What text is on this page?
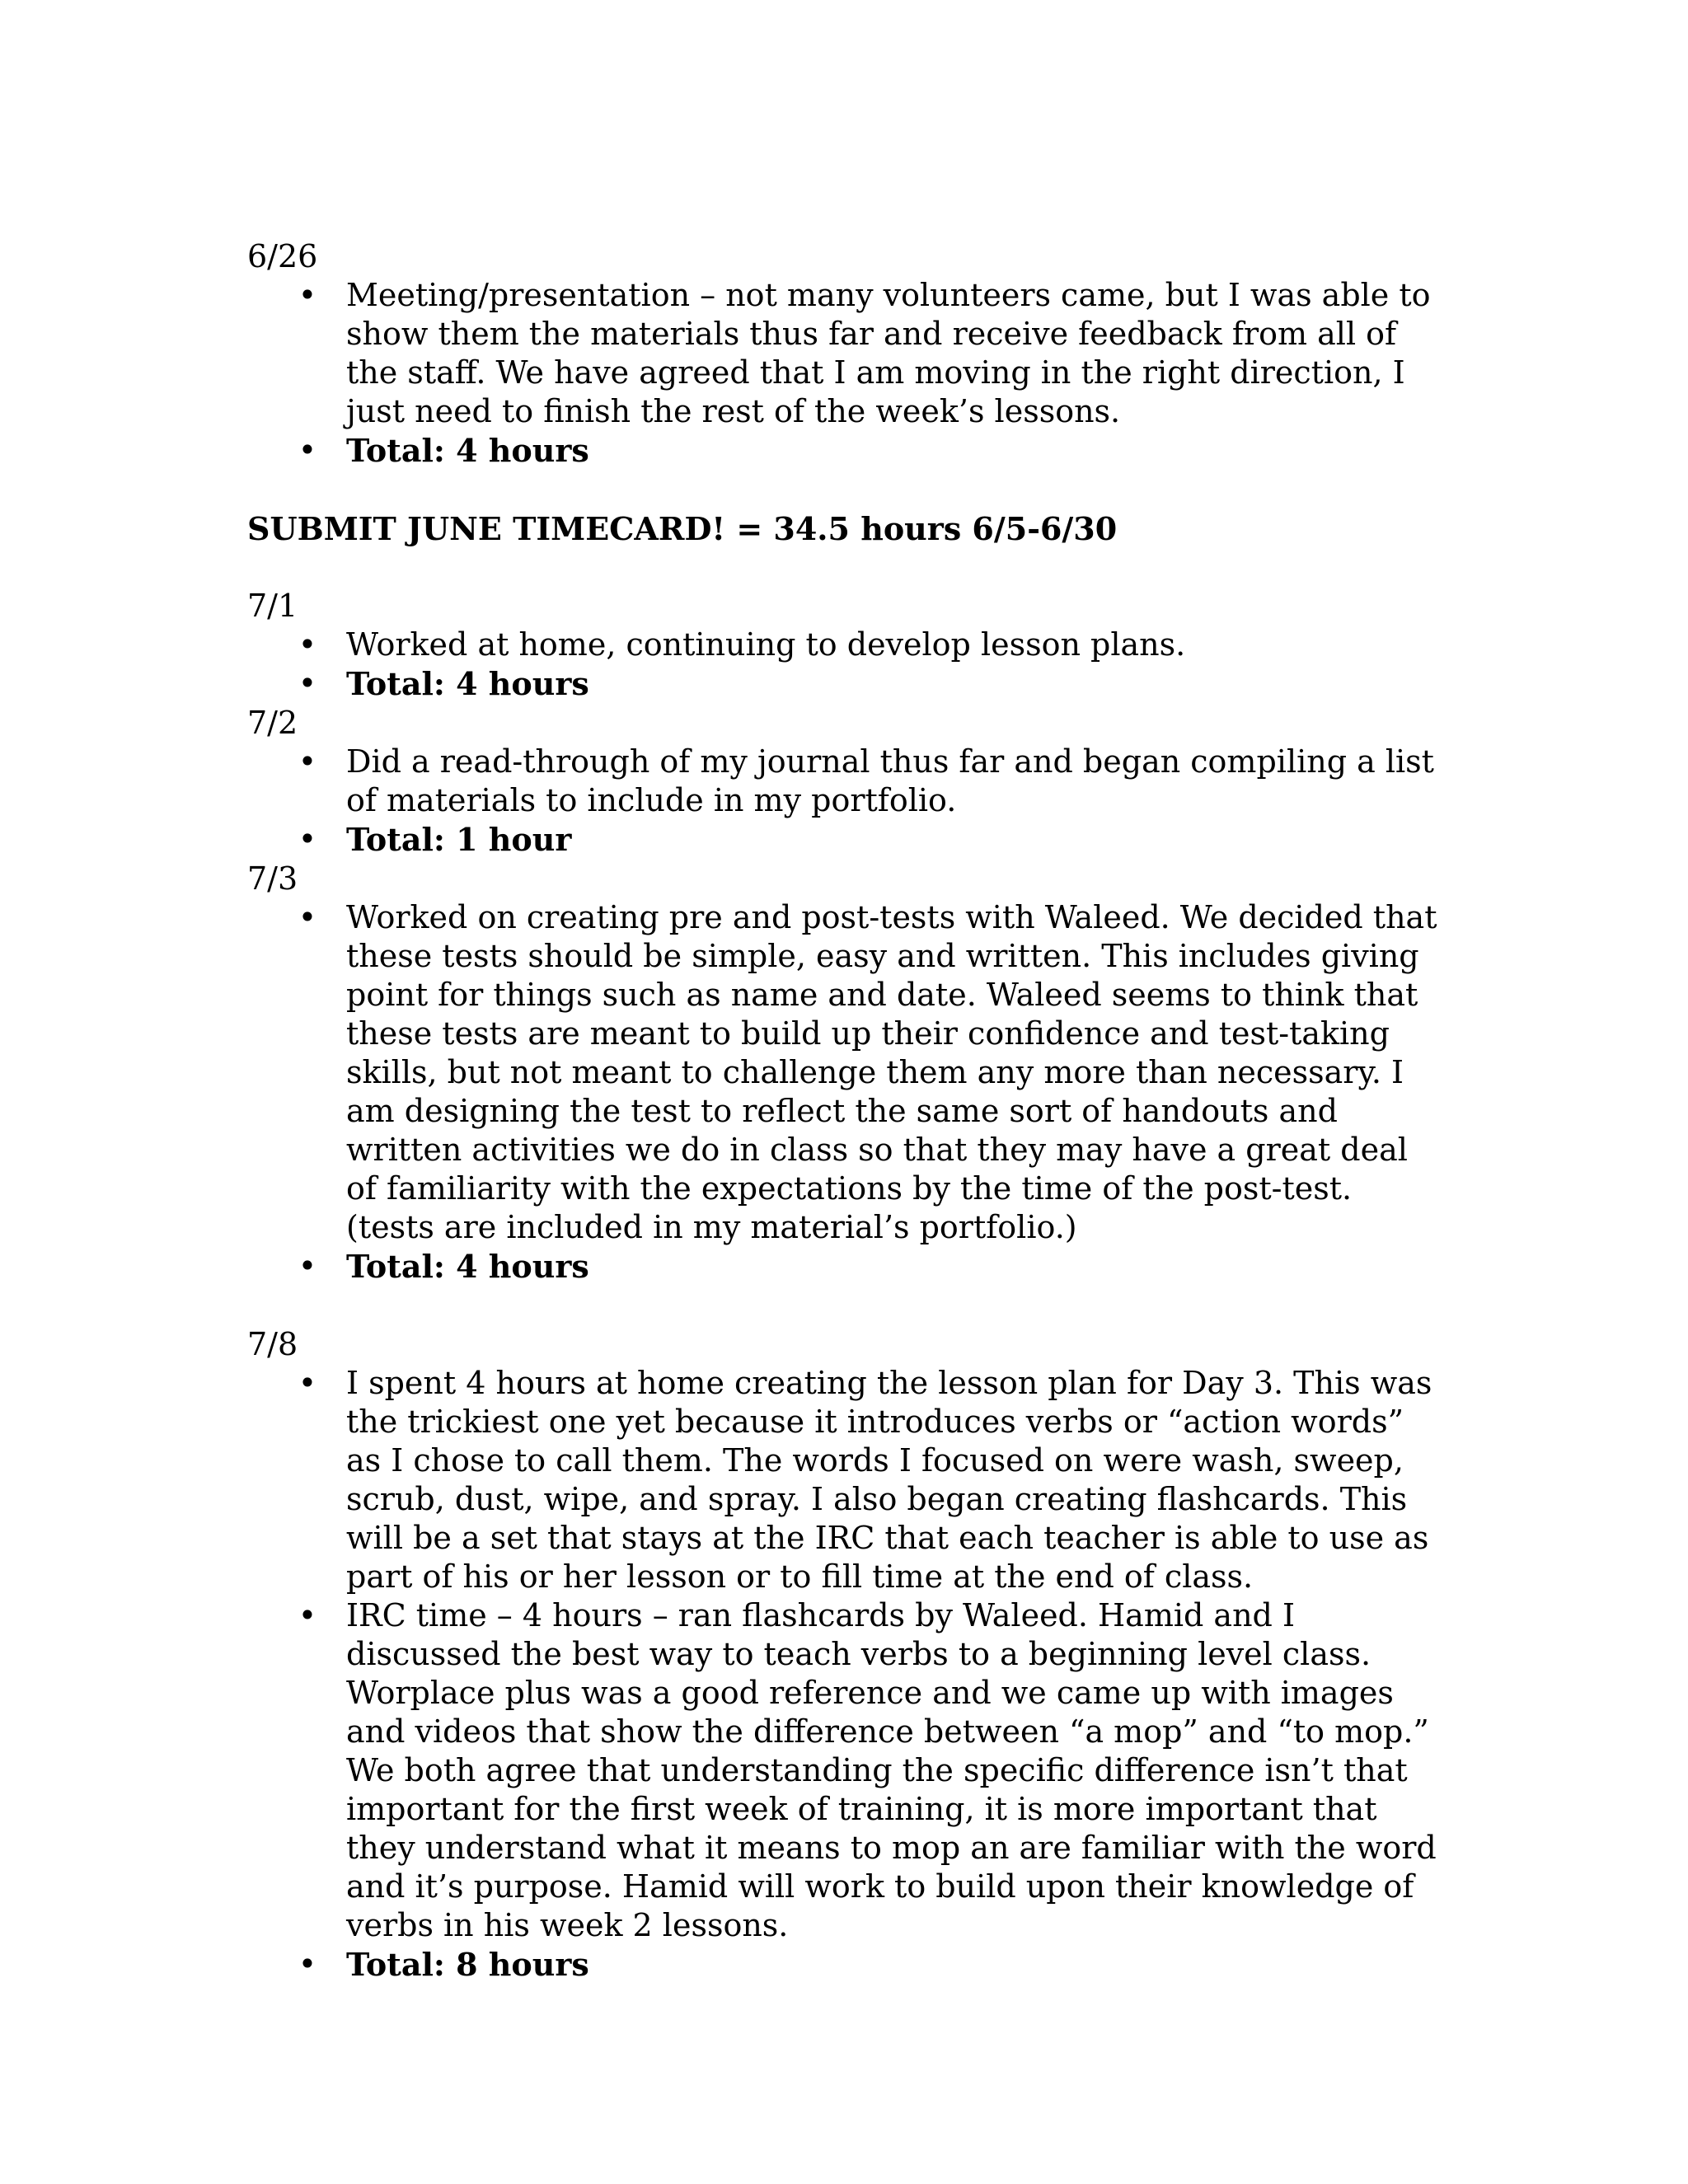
6/26

• Meeting/presentation – not many volunteers came, but I was able to show them the materials thus far and receive feedback from all of the staff. We have agreed that I am moving in the right direction, I just need to finish the rest of the week’s lessons.
• Total: 4 hours

SUBMIT JUNE TIMECARD! = 34.5 hours 6/5-6/30

7/1

• Worked at home, continuing to develop lesson plans.
• Total: 4 hours

7/2

• Did a read-through of my journal thus far and began compiling a list of materials to include in my portfolio.
• Total: 1 hour

7/3

• Worked on creating pre and post-tests with Waleed. We decided that these tests should be simple, easy and written. This includes giving point for things such as name and date. Waleed seems to think that these tests are meant to build up their confidence and test-taking skills, but not meant to challenge them any more than necessary. I am designing the test to reflect the same sort of handouts and written activities we do in class so that they may have a great deal of familiarity with the expectations by the time of the post-test. (tests are included in my material’s portfolio.)
• Total: 4 hours

7/8

• I spent 4 hours at home creating the lesson plan for Day 3. This was the trickiest one yet because it introduces verbs or “action words” as I chose to call them. The words I focused on were wash, sweep, scrub, dust, wipe, and spray. I also began creating flashcards. This will be a set that stays at the IRC that each teacher is able to use as part of his or her lesson or to fill time at the end of class.
• IRC time – 4 hours – ran flashcards by Waleed. Hamid and I discussed the best way to teach verbs to a beginning level class. Worplace plus was a good reference and we came up with images and videos that show the difference between “a mop” and “to mop.” We both agree that understanding the specific difference isn’t that important for the first week of training, it is more important that they understand what it means to mop an are familiar with the word and it’s purpose. Hamid will work to build upon their knowledge of verbs in his week 2 lessons.
• Total: 8 hours
